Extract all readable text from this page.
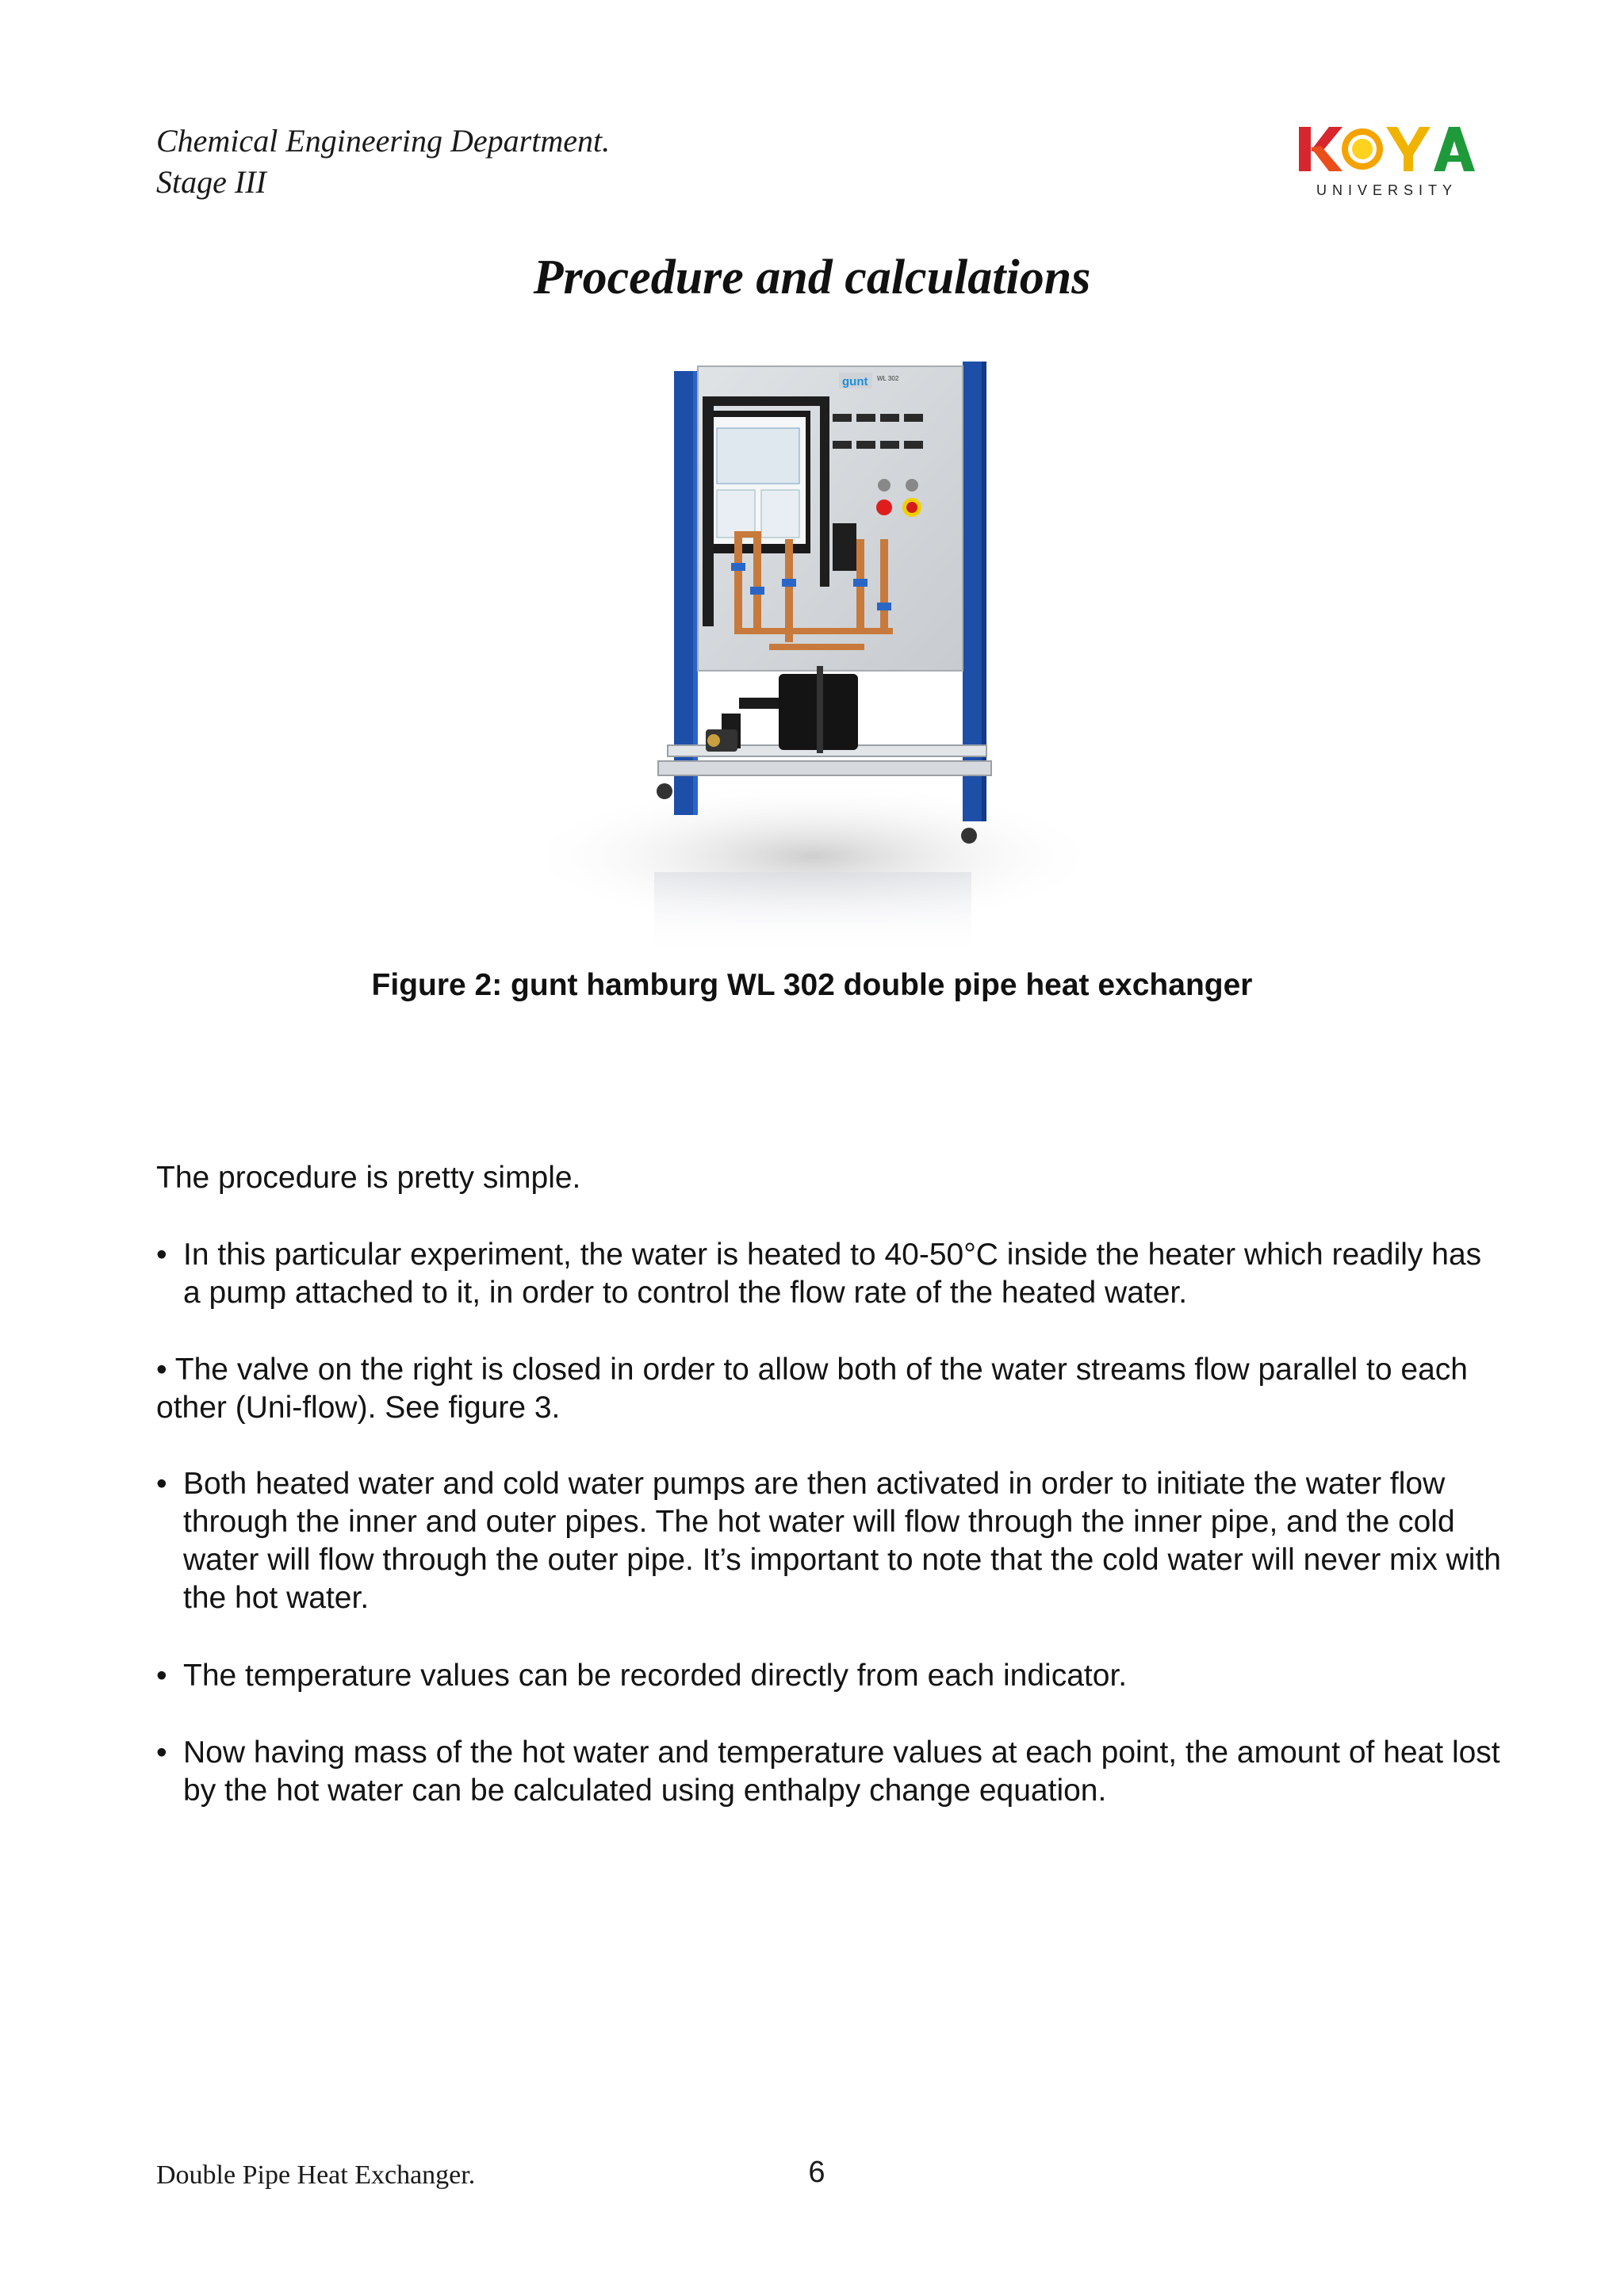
Chemical Engineering Department.
Stage III	UNIVERSITY
Procedure and calculations
gunt WL 302
Figure 2: gunt hamburg WL 302 double pipe heat exchanger
The procedure is pretty simple.
• In this particular experiment, the water is heated to 40-50°C inside the heater which readily has a pump attached to it, in order to control the flow rate of the heated water.
• The valve on the right is closed in order to allow both of the water streams flow parallel to each other (Uni-flow). See figure 3.
• Both heated water and cold water pumps are then activated in order to initiate the water flow through the inner and outer pipes. The hot water will flow through the inner pipe, and the cold water will flow through the outer pipe. It’s important to note that the cold water will never mix with the hot water.
• The temperature values can be recorded directly from each indicator.
• Now having mass of the hot water and temperature values at each point, the amount of heat lost by the hot water can be calculated using enthalpy change equation.
Double Pipe Heat Exchanger.	6
